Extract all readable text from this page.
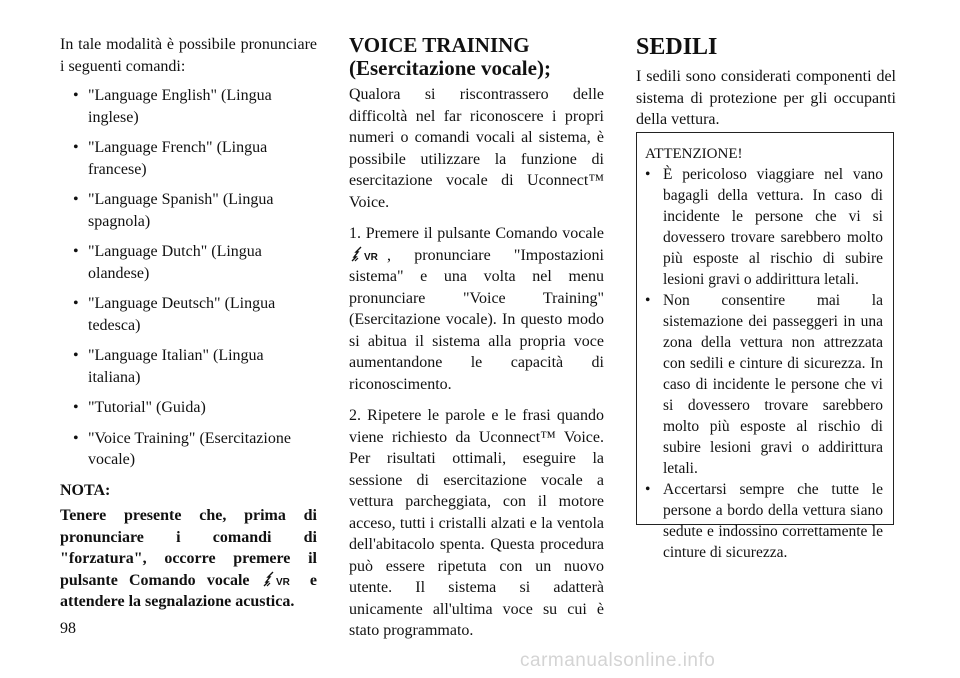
In tale modalità è possibile pronunciare i seguenti comandi:

• "Language English" (Lingua inglese)
• "Language French" (Lingua francese)
• "Language Spanish" (Lingua spagnola)
• "Language Dutch" (Lingua olandese)
• "Language Deutsch" (Lingua tedesca)
• "Language Italian" (Lingua italiana)
• "Tutorial" (Guida)
• "Voice Training" (Esercitazione vocale)

NOTA:

Tenere presente che, prima di pronunciare i comandi di "forzatura", occorre premere il pulsante Comando vocale	VR e attendere la segnalazione acustica.

VOICE TRAINING (Esercitazione vocale);

Qualora si riscontrassero delle difficoltà nel far riconoscere i propri numeri o comandi vocali al sistema, è possibile utilizzare la funzione di esercitazione vocale di Uconnect™ Voice.

1. Premere il pulsante Comando vocale
VR , pronunciare "Impostazioni sistema" e una volta nel menu pronunciare "Voice Training" (Esercitazione vocale). In questo modo si abitua il sistema alla propria voce aumentandone le capacità di riconoscimento.

2. Ripetere le parole e le frasi quando viene richiesto da Uconnect™ Voice. Per risultati ottimali, eseguire la sessione di esercitazione vocale a vettura parcheggiata, con il motore acceso, tutti i cristalli alzati e la ventola dell'abitacolo spenta. Questa procedura può essere ripetuta con un nuovo utente. Il sistema si adatterà unicamente all'ultima voce su cui è stato programmato.

SEDILI

I sedili sono considerati componenti del sistema di protezione per gli occupanti della vettura.

ATTENZIONE!

• È pericoloso viaggiare nel vano bagagli della vettura. In caso di incidente le persone che vi si dovessero trovare sarebbero molto più esposte al rischio di subire lesioni gravi o addirittura letali.
• Non consentire mai la sistemazione dei passeggeri in una zona della vettura non attrezzata con sedili e cinture di sicurezza. In caso di incidente le persone che vi si dovessero trovare sarebbero molto più esposte al rischio di subire lesioni gravi o addirittura letali.
• Accertarsi sempre che tutte le persone a bordo della vettura siano sedute e indossino correttamente le cinture di sicurezza.
98
carmanualsonline.info
